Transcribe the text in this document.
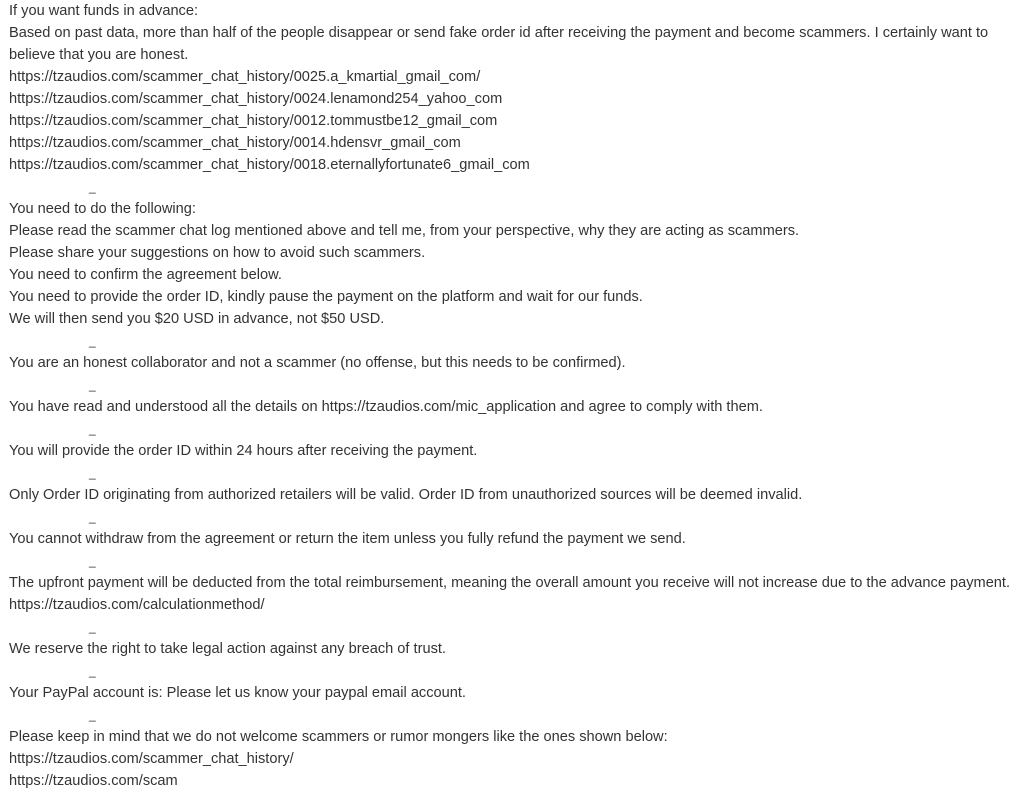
If you want funds in advance:
Based on past data, more than half of the people disappear or send fake order id after receiving the payment and become scammers. I certainly want to believe that you are honest.
https://tzaudios.com/scammer_chat_history/0025.a_kmartial_gmail_com/
https://tzaudios.com/scammer_chat_history/0024.lenamond254_yahoo_com
https://tzaudios.com/scammer_chat_history/0012.tommustbe12_gmail_com
https://tzaudios.com/scammer_chat_history/0014.hdensvr_gmail_com
https://tzaudios.com/scammer_chat_history/0018.eternallyfortunate6_gmail_com
_
You need to do the following:
Please read the scammer chat log mentioned above and tell me, from your perspective, why they are acting as scammers.
Please share your suggestions on how to avoid such scammers.
You need to confirm the agreement below.
You need to provide the order ID, kindly pause the payment on the platform and wait for our funds.
We will then send you $20 USD in advance, not $50 USD.
_
You are an honest collaborator and not a scammer (no offense, but this needs to be confirmed).
_
You have read and understood all the details on https://tzaudios.com/mic_application and agree to comply with them.
_
You will provide the order ID within 24 hours after receiving the payment.
_
Only Order ID originating from authorized retailers will be valid. Order ID from unauthorized sources will be deemed invalid.
_
You cannot withdraw from the agreement or return the item unless you fully refund the payment we send.
_
The upfront payment will be deducted from the total reimbursement, meaning the overall amount you receive will not increase due to the advance payment. https://tzaudios.com/calculationmethod/
_
We reserve the right to take legal action against any breach of trust.
_
Your PayPal account is: Please let us know your paypal email account.
_
Please keep in mind that we do not welcome scammers or rumor mongers like the ones shown below:
https://tzaudios.com/scammer_chat_history/
https://tzaudios.com/scam
